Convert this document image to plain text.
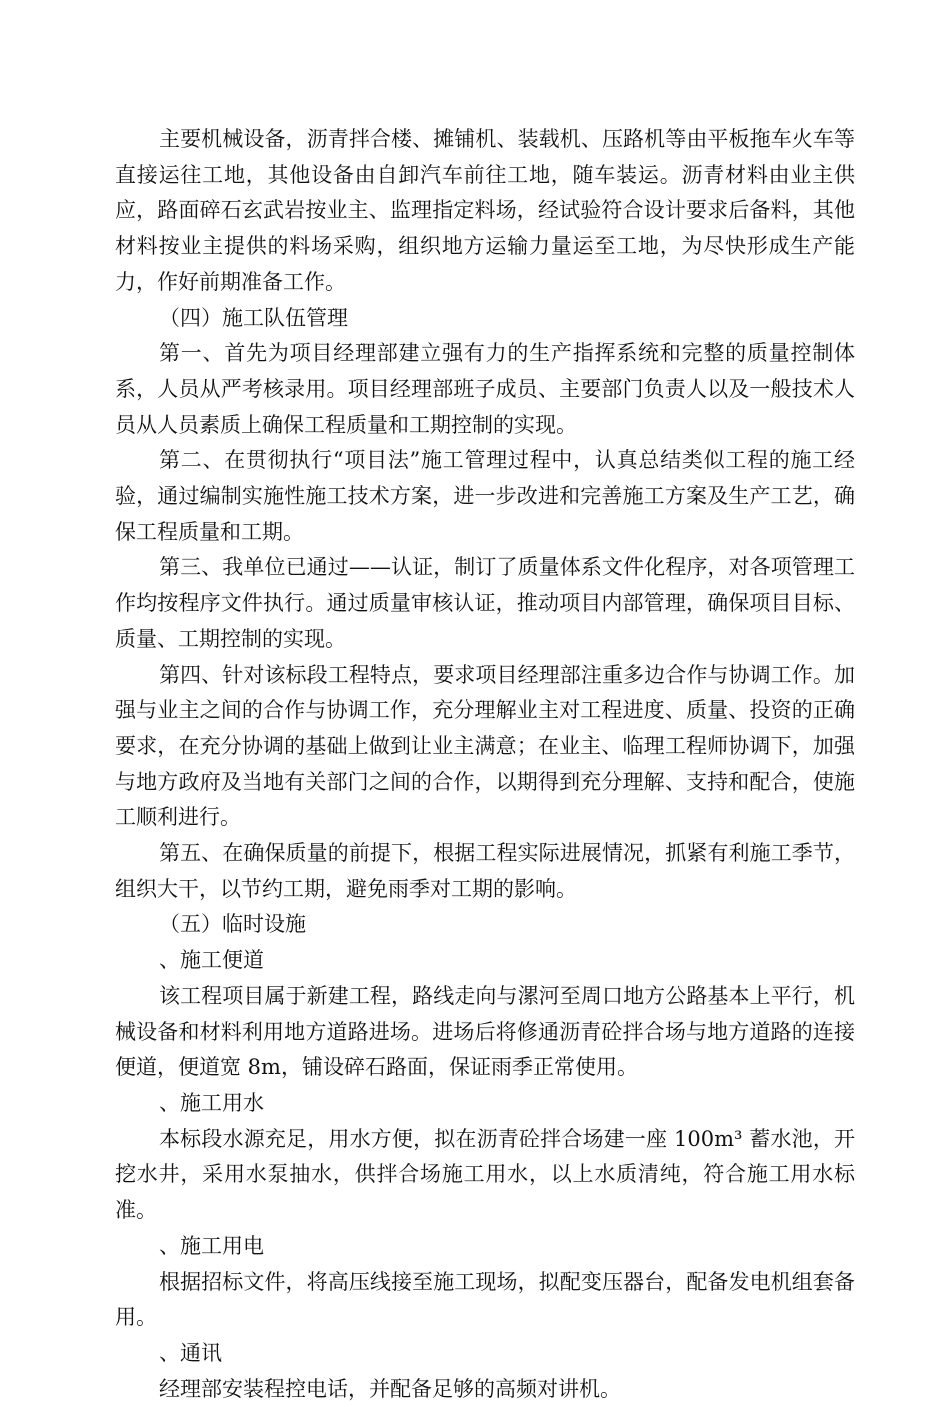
主要机械设备，沥青拌合楼、摊铺机、装载机、压路机等由平板拖车火车等直接运往工地，其他设备由自卸汽车前往工地，随车装运。沥青材料由业主供应，路面碎石玄武岩按业主、监理指定料场，经试验符合设计要求后备料，其他材料按业主提供的料场采购，组织地方运输力量运至工地，为尽快形成生产能力，作好前期准备工作。

（四）施工队伍管理

第一、首先为项目经理部建立强有力的生产指挥系统和完整的质量控制体系，人员从严考核录用。项目经理部班子成员、主要部门负责人以及一般技术人员从人员素质上确保工程质量和工期控制的实现。

第二、在贯彻执行“项目法”施工管理过程中，认真总结类似工程的施工经验，通过编制实施性施工技术方案，进一步改进和完善施工方案及生产工艺，确保工程质量和工期。

第三、我单位已通过——认证，制订了质量体系文件化程序，对各项管理工作均按程序文件执行。通过质量审核认证，推动项目内部管理，确保项目目标、质量、工期控制的实现。

第四、针对该标段工程特点，要求项目经理部注重多边合作与协调工作。加强与业主之间的合作与协调工作，充分理解业主对工程进度、质量、投资的正确要求，在充分协调的基础上做到让业主满意；在业主、临理工程师协调下，加强与地方政府及当地有关部门之间的合作，以期得到充分理解、支持和配合，使施工顺利进行。

第五、在确保质量的前提下，根据工程实际进展情况，抓紧有利施工季节，组织大干，以节约工期，避免雨季对工期的影响。

（五）临时设施

、施工便道

该工程项目属于新建工程，路线走向与漯河至周口地方公路基本上平行，机械设备和材料利用地方道路进场。进场后将修通沥青砼拌合场与地方道路的连接便道，便道宽 8m，铺设碎石路面，保证雨季正常使用。

、施工用水

本标段水源充足，用水方便，拟在沥青砼拌合场建一座 100m³ 蓄水池，开挖水井，采用水泵抽水，供拌合场施工用水，以上水质清纯，符合施工用水标准。

、施工用电

根据招标文件，将高压线接至施工现场，拟配变压器台，配备发电机组套备用。

、通讯

经理部安装程控电话，并配备足够的高频对讲机。
